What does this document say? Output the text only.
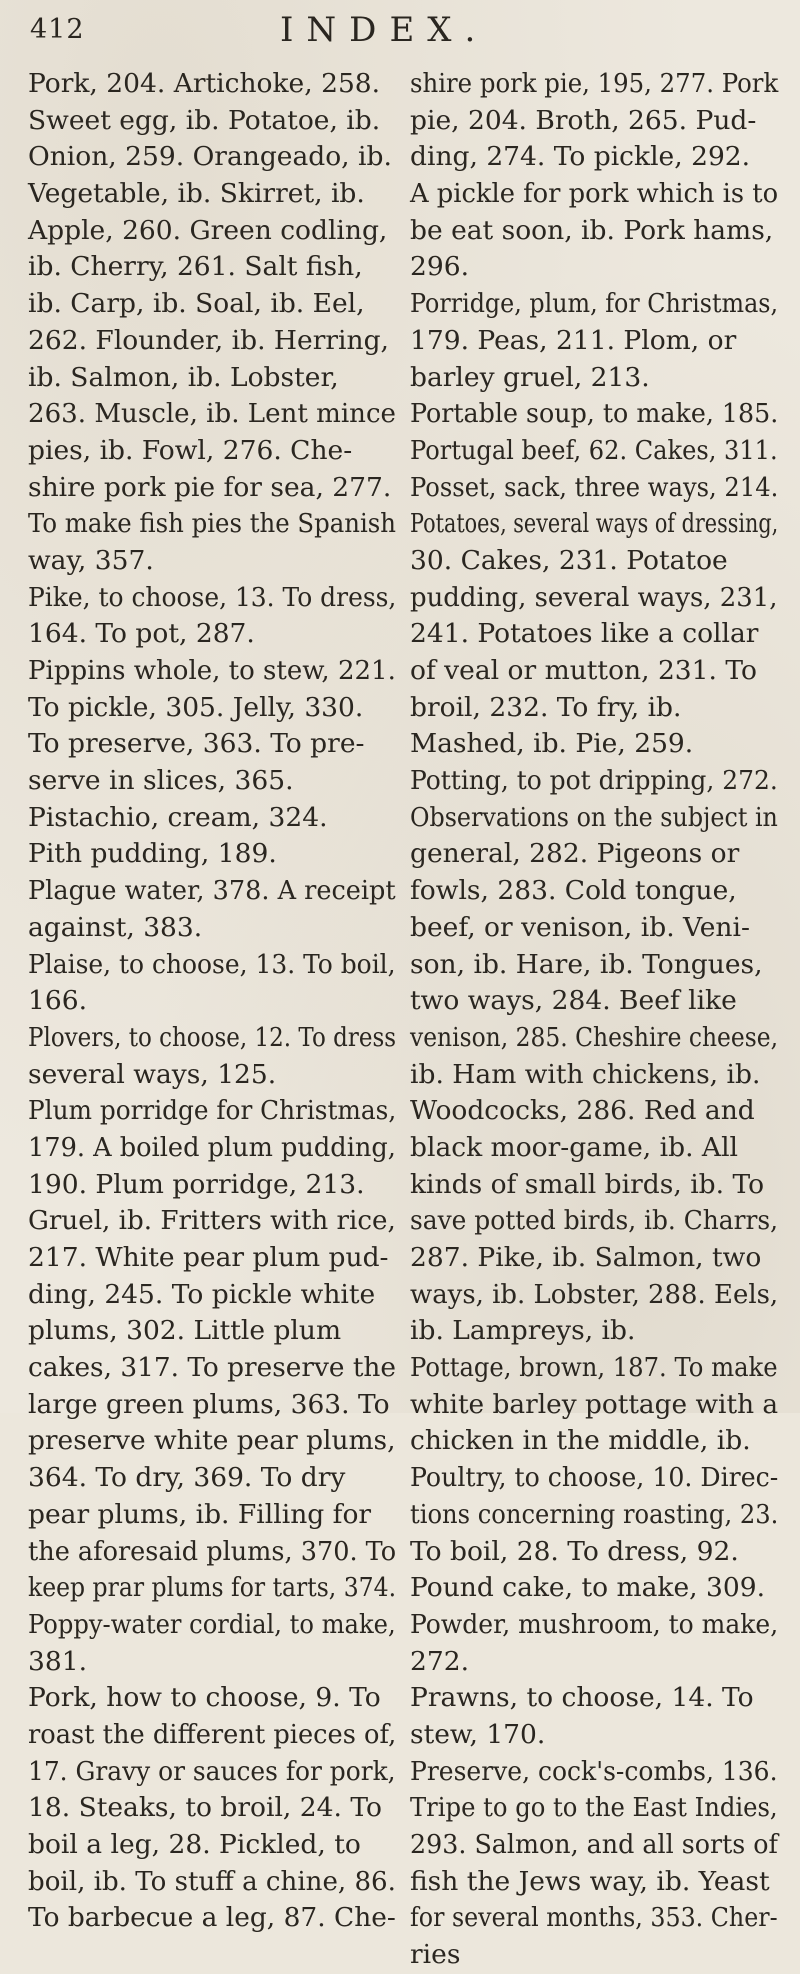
412	INDEX.
Pork, 204. Artichoke, 258.
Sweet egg, ib. Potatoe, ib.
Onion, 259. Orangeado, ib.
Vegetable, ib. Skirret, ib.
Apple, 260. Green codling,
ib. Cherry, 261. Salt fish,
ib. Carp, ib. Soal, ib. Eel,
262. Flounder, ib. Herring,
ib. Salmon, ib. Lobster,
263. Muscle, ib. Lent mince
pies, ib. Fowl, 276. Che-
shire pork pie for sea, 277.
To make fish pies the Spanish
way, 357.
Pike, to choose, 13. To dress,
164. To pot, 287.
Pippins whole, to stew, 221.
To pickle, 305. Jelly, 330.
To preserve, 363. To pre-
serve in slices, 365.
Pistachio, cream, 324.
Pith pudding, 189.
Plague water, 378. A receipt
against, 383.
Plaise, to choose, 13. To boil,
166.
Plovers, to choose, 12. To dress
several ways, 125.
Plum porridge for Christmas,
179. A boiled plum pudding,
190. Plum porridge, 213.
Gruel, ib. Fritters with rice,
217. White pear plum pud-
ding, 245. To pickle white
plums, 302. Little plum
cakes, 317. To preserve the
large green plums, 363. To
preserve white pear plums,
364. To dry, 369. To dry
pear plums, ib. Filling for
the aforesaid plums, 370. To
keep prar plums for tarts, 374.
Poppy-water cordial, to make,
381.
Pork, how to choose, 9. To
roast the different pieces of,
17. Gravy or sauces for pork,
18. Steaks, to broil, 24. To
boil a leg, 28. Pickled, to
boil, ib. To stuff a chine, 86.
To barbecue a leg, 87. Che-
shire pork pie, 195, 277. Pork
pie, 204. Broth, 265. Pud-
ding, 274. To pickle, 292.
A pickle for pork which is to
be eat soon, ib. Pork hams,
296.
Porridge, plum, for Christmas,
179. Peas, 211. Plom, or
barley gruel, 213.
Portable soup, to make, 185.
Portugal beef, 62. Cakes, 311.
Posset, sack, three ways, 214.
Potatoes, several ways of dressing,
30. Cakes, 231. Potatoe
pudding, several ways, 231,
241. Potatoes like a collar
of veal or mutton, 231. To
broil, 232. To fry, ib.
Mashed, ib. Pie, 259.
Potting, to pot dripping, 272.
Observations on the subject in
general, 282. Pigeons or
fowls, 283. Cold tongue,
beef, or venison, ib. Veni-
son, ib. Hare, ib. Tongues,
two ways, 284. Beef like
venison, 285. Cheshire cheese,
ib. Ham with chickens, ib.
Woodcocks, 286. Red and
black moor-game, ib. All
kinds of small birds, ib. To
save potted birds, ib. Charrs,
287. Pike, ib. Salmon, two
ways, ib. Lobster, 288. Eels,
ib. Lampreys, ib.
Pottage, brown, 187. To make
white barley pottage with a
chicken in the middle, ib.
Poultry, to choose, 10. Direc-
tions concerning roasting, 23.
To boil, 28. To dress, 92.
Pound cake, to make, 309.
Powder, mushroom, to make,
272.
Prawns, to choose, 14. To
stew, 170.
Preserve, cock's-combs, 136.
Tripe to go to the East Indies,
293. Salmon, and all sorts of
fish the Jews way, ib. Yeast
for several months, 353. Cher-
ries
